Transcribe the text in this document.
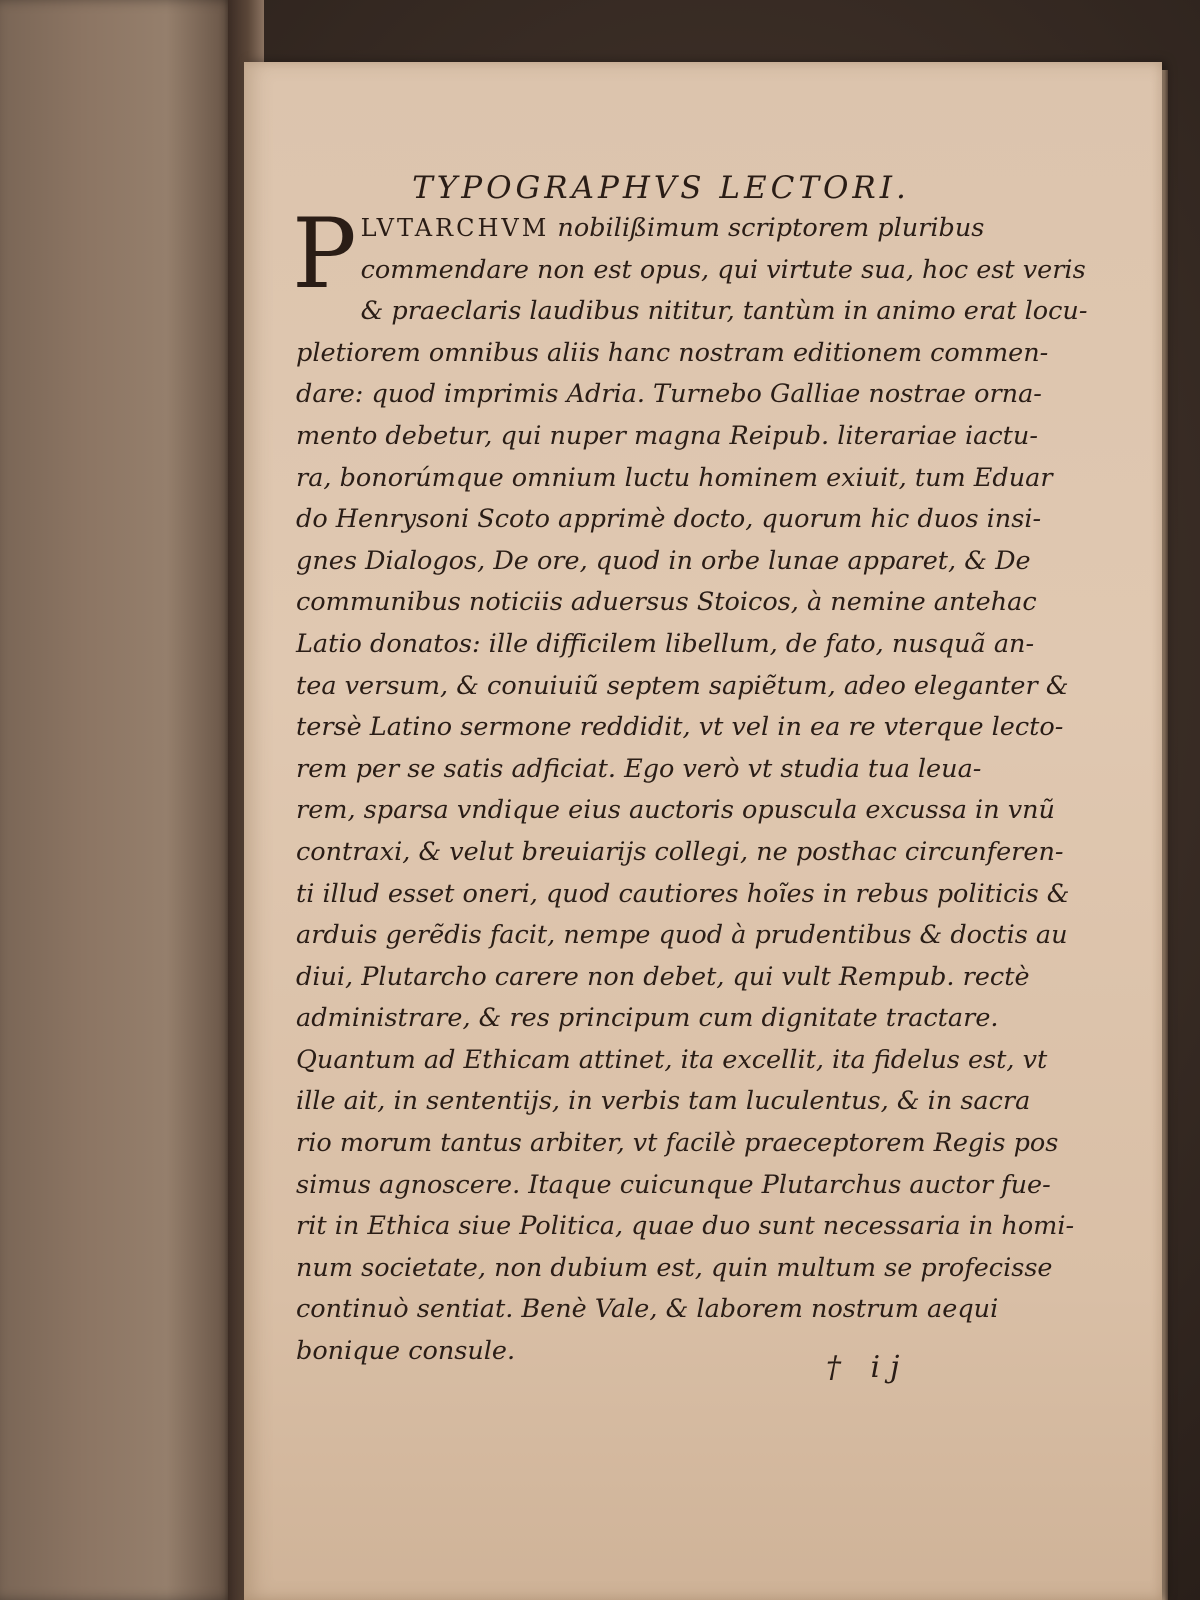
TYPOGRAPHVS LECTORI.
P LVTARCHVM nobilißimum scriptorem pluribus
commendare non est opus, qui virtute sua, hoc est veris
& praeclaris laudibus nititur, tantùm in animo erat locu-
pletiorem omnibus aliis hanc nostram editionem commen-
dare: quod imprimis Adria. Turnebo Galliae nostrae orna-
mento debetur, qui nuper magna Reipub. literariae iactu-
ra, bonorúmque omnium luctu hominem exiuit, tum Eduar
do Henrysoni Scoto apprimè docto, quorum hic duos insi-
gnes Dialogos, De ore, quod in orbe lunae apparet, & De
communibus noticiis aduersus Stoicos, à nemine antehac
Latio donatos: ille difficilem libellum, de fato, nusquã an-
tea versum, & conuiuiũ septem sapiẽtum, adeo eleganter &
tersè Latino sermone reddidit, vt vel in ea re vterque lecto-
rem per se satis adficiat. Ego verò vt studia tua leuа-
rem, sparsa vndique eius auctoris opuscula excussa in vnũ
contraxi, & velut breuiarijs collegi, ne posthac circunferen-
ti illud esset oneri, quod cautiores hoĩes in rebus politicis &
arduis gerẽdis facit, nempe quod à prudentibus & doctis au
diui, Plutarcho carere non debet, qui vult Rempub. rectè
administrare, & res principum cum dignitate tractare.
Quantum ad Ethicam attinet, ita excellit, ita fidelus est, vt
ille ait, in sententijs, in verbis tam luculentus, & in sacra
rio morum tantus arbiter, vt facilè praeceptorem Regis pos
simus agnoscere. Itaque cuicunque Plutarchus auctor fue-
rit in Ethica siue Politica, quae duo sunt necessaria in homi-
num societate, non dubium est, quin multum se profecisse
continuò sentiat. Benè Vale, & laborem nostrum aequi
bonique consule.	† ij
